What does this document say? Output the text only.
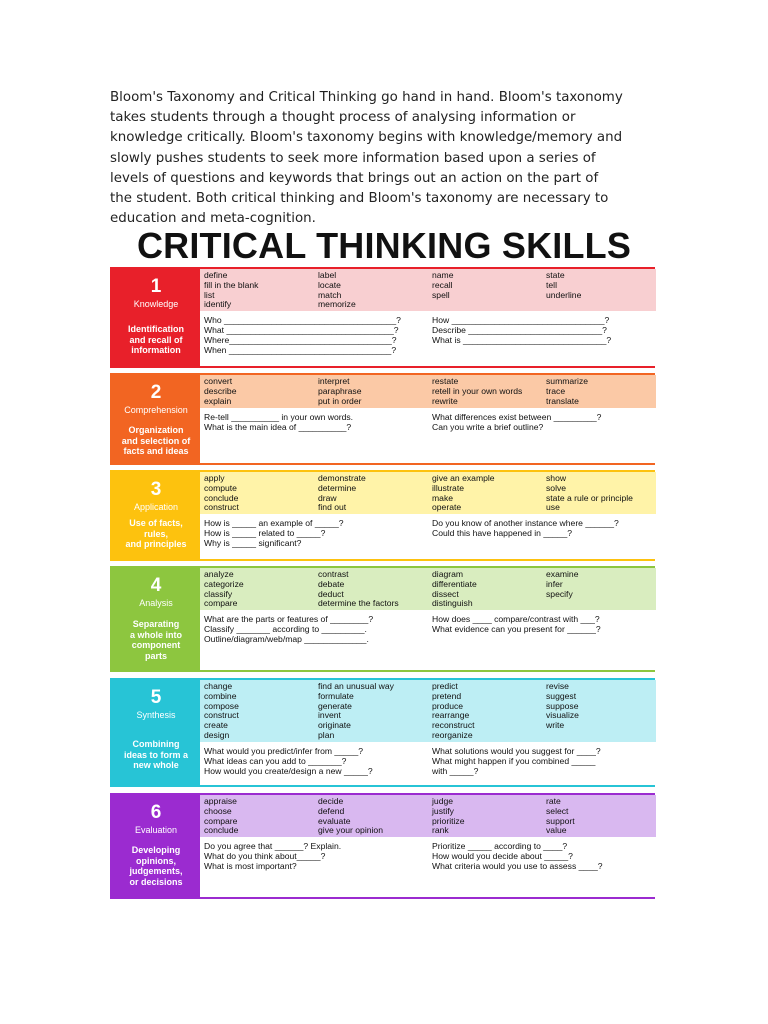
Bloom's Taxonomy and Critical Thinking go hand in hand. Bloom's taxonomy
takes students through a thought process of analysing information or
knowledge critically. Bloom's taxonomy begins with knowledge/memory and
slowly pushes students to seek more information based upon a series of
levels of questions and keywords that brings out an action on the part of
the student. Both critical thinking and Bloom's taxonomy are necessary to
education and meta-cognition.
CRITICAL THINKING SKILLS
1
Knowledge
Identification
and recall of
information
define	label	name	state
fill in the blank	locate	recall	tell
list	match	spell	underline
identify	memorize
Who ____________________________________?
What ___________________________________?
Where__________________________________?
When __________________________________?
How ________________________________?
Describe ____________________________?
What is ______________________________?
2
Comprehension
Organization
and selection of
facts and ideas
convert	interpret	restate	summarize
describe	paraphrase	retell in your own words	trace
explain	put in order	rewrite	translate
Re-tell __________ in your own words.
What is the main idea of __________?
What differences exist between _________?
Can you write a brief outline?
3
Application
Use of facts,
rules,
and principles
apply	demonstrate	give an example	show
compute	determine	illustrate	solve
conclude	draw	make	state a rule or principle
construct	find out	operate	use
How is _____ an example of _____?
How is _____ related to _____?
Why is _____ significant?
Do you know of another instance where ______?
Could this have happened in _____?
4
Analysis
Separating
a whole into
component
parts
analyze	contrast	diagram	examine
categorize	debate	differentiate	infer
classify	deduct	dissect	specify
compare	determine the factors	distinguish
What are the parts or features of ________?
Classify _______ according to _________.
Outline/diagram/web/map _____________.
How does ____ compare/contrast with ___?
What evidence can you present for ______?
5
Synthesis
Combining
ideas to form a
new whole
change	find an unusual way	predict	revise
combine	formulate	pretend	suggest
compose	generate	produce	suppose
construct	invent	rearrange	visualize
create	originate	reconstruct	write
design	plan	reorganize
What would you predict/infer from _____?
What ideas can you add to _______?
How would you create/design a new _____?
What solutions would you suggest for ____?
What might happen if you combined _____
with _____?
6
Evaluation
Developing
opinions,
judgements,
or decisions
appraise	decide	judge	rate
choose	defend	justify	select
compare	evaluate	prioritize	support
conclude	give your opinion	rank	value
Do you agree that ______? Explain.
What do you think about_____?
What is most important?
Prioritize _____ according to ____?
How would you decide about _____?
What criteria would you use to assess ____?
